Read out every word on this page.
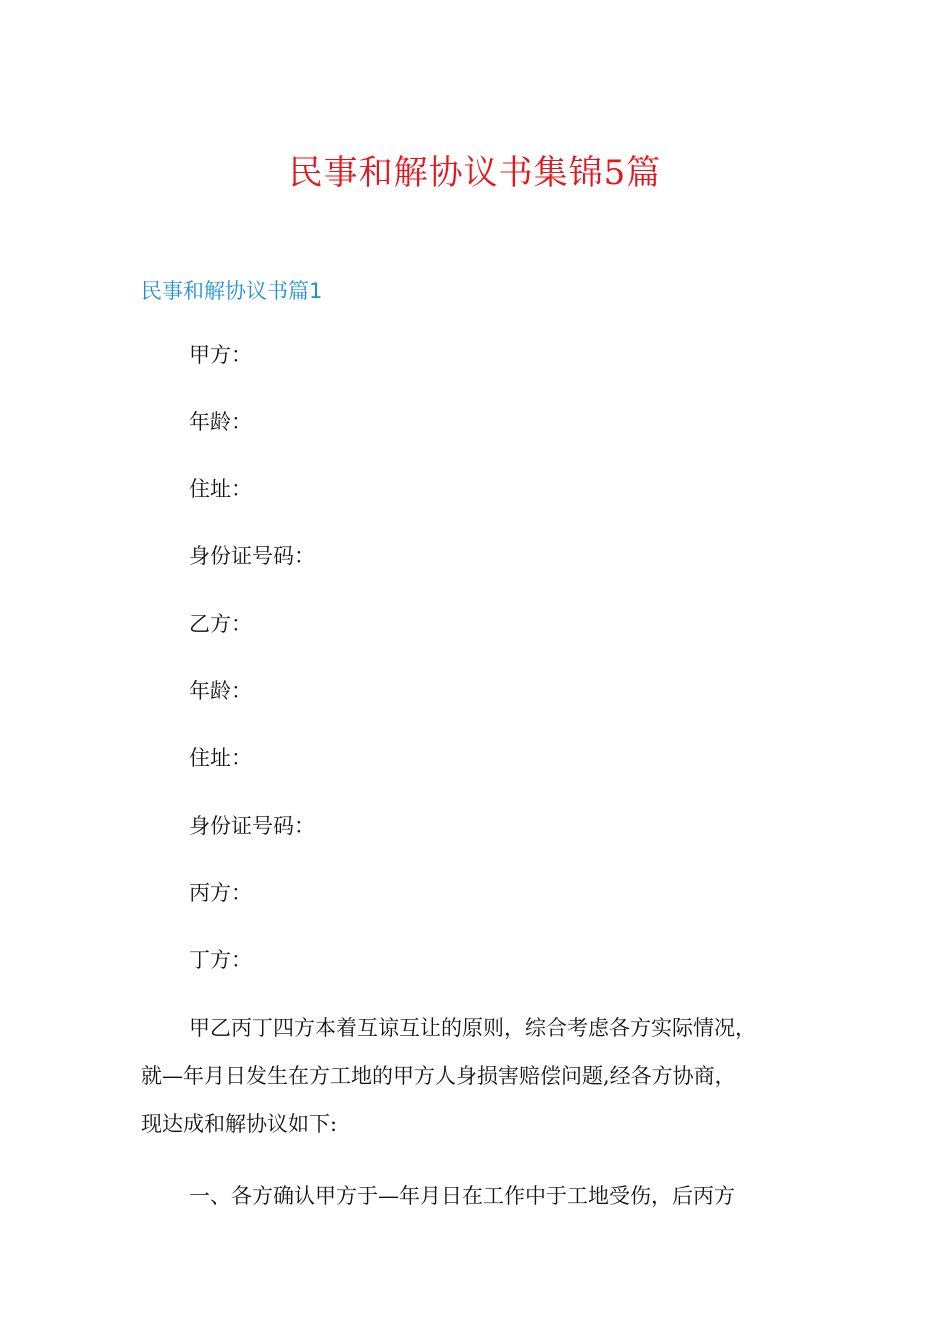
民事和解协议书集锦5篇
民事和解协议书篇1
甲方：
年龄：
住址：
身份证号码：
乙方：
年龄：
住址：
身份证号码：
丙方：
丁方：
甲乙丙丁四方本着互谅互让的原则，综合考虑各方实际情况，
就—年月日发生在方工地的甲方人身损害赔偿问题,经各方协商，
现达成和解协议如下:
一、各方确认甲方于—年月日在工作中于工地受伤，后丙方
